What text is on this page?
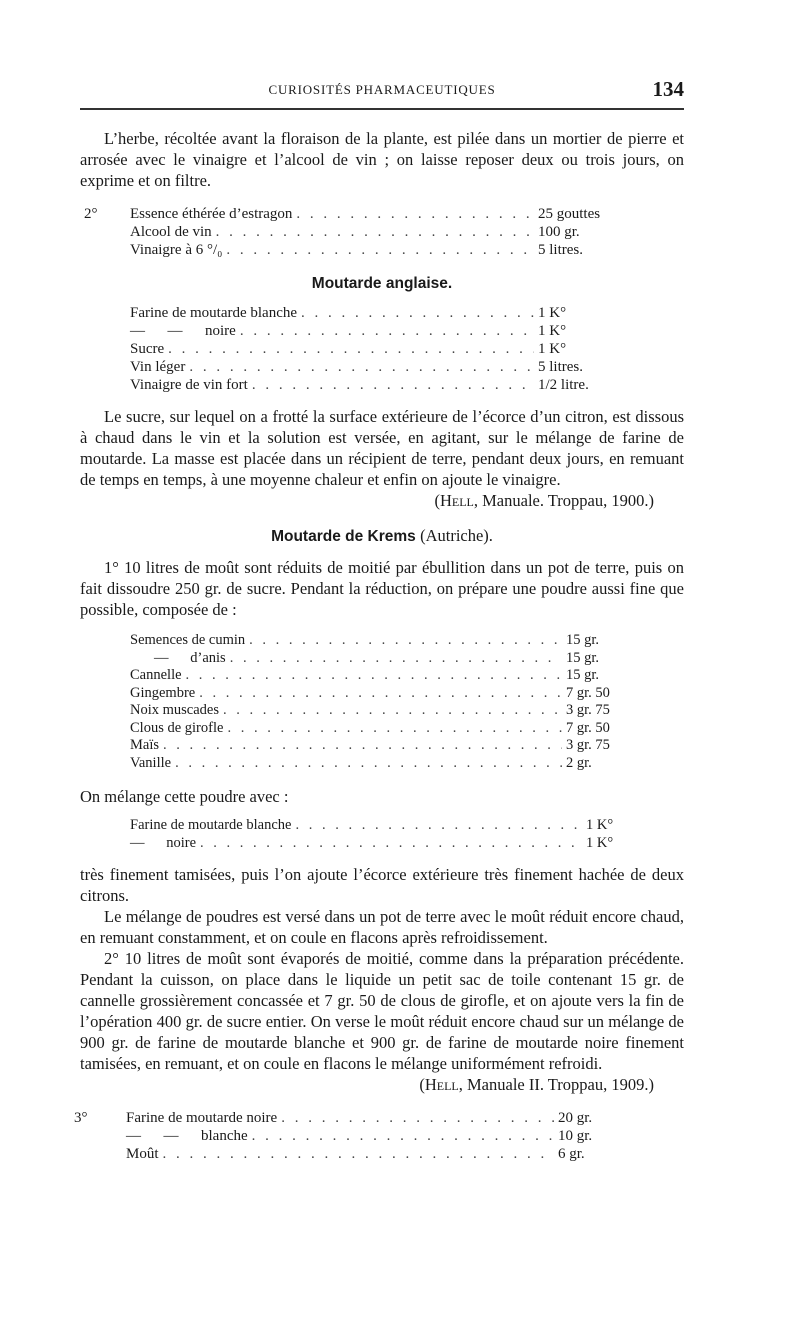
CURIOSITÉS PHARMACEUTIQUES	134

L’herbe, récoltée avant la floraison de la plante, est pilée dans un mortier de pierre et arrosée avec le vinaigre et l’alcool de vin ; on laisse reposer deux ou trois jours, on exprime et on filtre.

2° Essence éthérée d’estragon . . .	25 gouttes
Alcool de vin . . .	100 gr.
Vinaigre à 6 °/₀ . . .	5 litres.
Moutarde anglaise.
Farine de moutarde blanche . . .	1 K°
—      —      noire . . .	1 K°
Sucre . . .	1 K°
Vin léger . . .	5 litres.
Vinaigre de vin fort . . .	1/2 litre.

Le sucre, sur lequel on a frotté la surface extérieure de l’écorce d’un citron, est dissous à chaud dans le vin et la solution est versée, en agitant, sur le mélange de farine de moutarde. La masse est placée dans un récipient de terre, pendant deux jours, en remuant de temps en temps, à une moyenne chaleur et enfin on ajoute le vinaigre.

(Hell, Manuale. Troppau, 1900.)

Moutarde de Krems (Autriche).

1° 10 litres de moût sont réduits de moitié par ébullition dans un pot de terre, puis on fait dissoudre 250 gr. de sucre. Pendant la réduction, on prépare une poudre aussi fine que possible, composée de :

Semences de cumin . . .	15 gr.
—      d’anis . . .	15 gr.
Cannelle . . .	15 gr.
Gingembre . . .	7 gr. 50
Noix muscades . . .	3 gr. 75
Clous de girofle . . .	7 gr. 50
Maïs . . .	3 gr. 75
Vanille . . .	2 gr.

On mélange cette poudre avec :

Farine de moutarde blanche . . .	1 K°
—      noire . . .	1 K°

très finement tamisées, puis l’on ajoute l’écorce extérieure très finement hachée de deux citrons.

Le mélange de poudres est versé dans un pot de terre avec le moût réduit encore chaud, en remuant constamment, et on coule en flacons après refroidissement.

2° 10 litres de moût sont évaporés de moitié, comme dans la préparation précédente. Pendant la cuisson, on place dans le liquide un petit sac de toile contenant 15 gr. de cannelle grossièrement concassée et 7 gr. 50 de clous de girofle, et on ajoute vers la fin de l’opération 400 gr. de sucre entier. On verse le moût réduit encore chaud sur un mélange de 900 gr. de farine de moutarde blanche et 900 gr. de farine de moutarde noire finement tamisées, en remuant, et on coule en flacons le mélange uniformément refroidi.

(Hell, Manuale II. Troppau, 1909.)

3°	Farine de moutarde noire . . .	20 gr.
—      —      blanche . . .	10 gr.
Moût . . .	6 gr.
